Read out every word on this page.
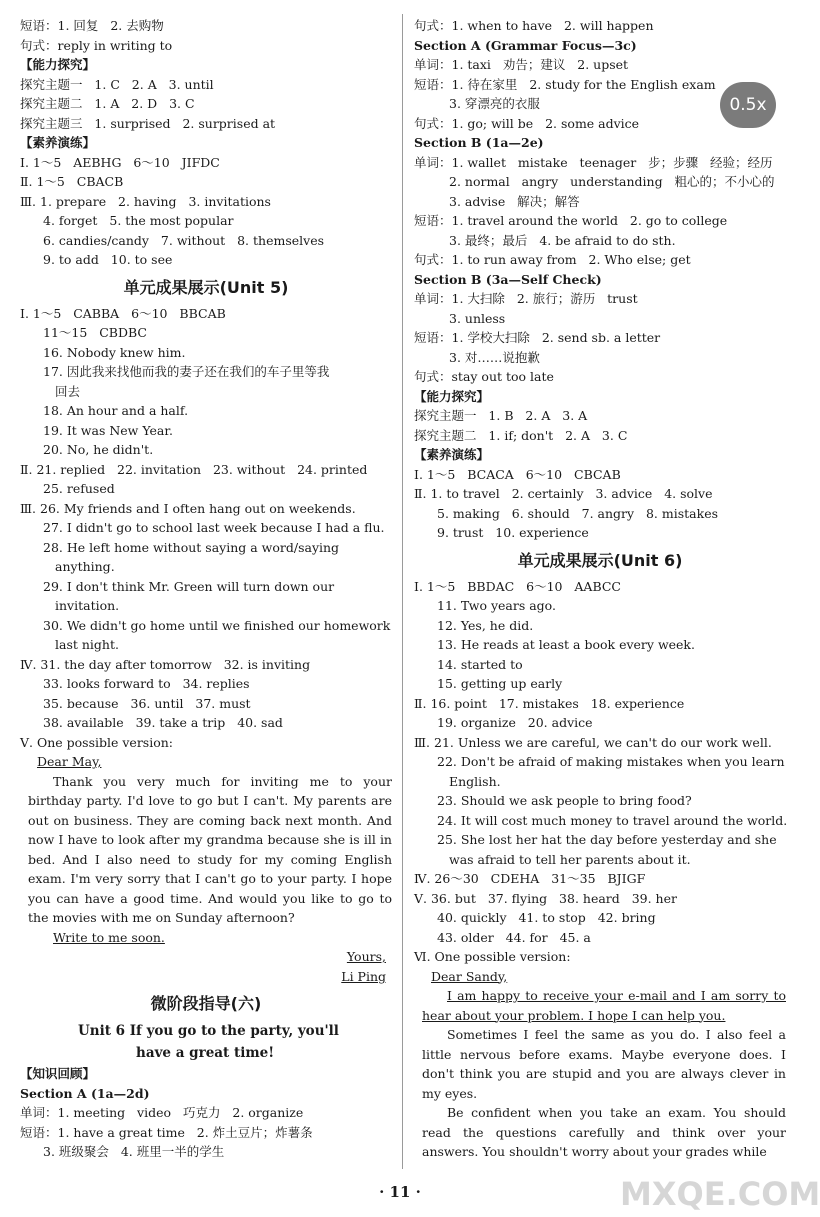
短语：1. 回复   2. 去购物
句式：reply in writing to
【能力探究】
探究主题一   1. C   2. A   3. until
探究主题二   1. A   2. D   3. C
探究主题三   1. surprised   2. surprised at
【素养演练】
Ⅰ. 1～5   AEBHG   6～10   JIFDC
Ⅱ. 1～5   CBACB
Ⅲ. 1. prepare   2. having   3. invitations
4. forget   5. the most popular
6. candies/candy   7. without   8. themselves
9. to add   10. to see
单元成果展示(Unit 5)
Ⅰ. 1～5   CABBA   6～10   BBCAB
11～15   CBDBC
16. Nobody knew him.
17. 因此我来找他而我的妻子还在我们的车子里等我
回去
18. An hour and a half.
19. It was New Year.
20. No, he didn't.
Ⅱ. 21. replied   22. invitation   23. without   24. printed
25. refused
Ⅲ. 26. My friends and I often hang out on weekends.
27. I didn't go to school last week because I had a flu.
28. He left home without saying a word/saying
anything.
29. I don't think Mr. Green will turn down our
invitation.
30. We didn't go home until we finished our homework
last night.
Ⅳ. 31. the day after tomorrow   32. is inviting
33. looks forward to   34. replies
35. because   36. until   37. must
38. available   39. take a trip   40. sad
Ⅴ. One possible version:
Dear May,
Thank you very much for inviting me to your birthday party. I'd love to go but I can't. My parents are out on business. They are coming back next month. And now I have to look after my grandma because she is ill in bed. And I also need to study for my coming English exam. I'm very sorry that I can't go to your party. I hope you can have a good time. And would you like to go to the movies with me on Sunday afternoon?
Write to me soon.
Yours,
Li Ping
微阶段指导(六)
Unit 6 If you go to the party, you'll
have a great time!
【知识回顾】
Section A (1a—2d)
单词：1. meeting   video   巧克力   2. organize
短语：1. have a great time   2. 炸土豆片；炸薯条
3. 班级聚会   4. 班里一半的学生
句式：1. when to have   2. will happen
Section A (Grammar Focus—3c)
单词：1. taxi   劝告；建议   2. upset
短语：1. 待在家里   2. study for the English exam
3. 穿漂亮的衣服
句式：1. go; will be   2. some advice
Section B (1a—2e)
单词：1. wallet   mistake   teenager   步；步骤   经验；经历
2. normal   angry   understanding   粗心的；不小心的
3. advise   解决；解答
短语：1. travel around the world   2. go to college
3. 最终；最后   4. be afraid to do sth.
句式：1. to run away from   2. Who else; get
Section B (3a—Self Check)
单词：1. 大扫除   2. 旅行；游历   trust
3. unless
短语：1. 学校大扫除   2. send sb. a letter
3. 对……说抱歉
句式：stay out too late
【能力探究】
探究主题一   1. B   2. A   3. A
探究主题二   1. if; don't   2. A   3. C
【素养演练】
Ⅰ. 1～5   BCACA   6～10   CBCAB
Ⅱ. 1. to travel   2. certainly   3. advice   4. solve
5. making   6. should   7. angry   8. mistakes
9. trust   10. experience
单元成果展示(Unit 6)
Ⅰ. 1～5   BBDAC   6～10   AABCC
11. Two years ago.
12. Yes, he did.
13. He reads at least a book every week.
14. started to
15. getting up early
Ⅱ. 16. point   17. mistakes   18. experience
19. organize   20. advice
Ⅲ. 21. Unless we are careful, we can't do our work well.
22. Don't be afraid of making mistakes when you learn
English.
23. Should we ask people to bring food?
24. It will cost much money to travel around the world.
25. She lost her hat the day before yesterday and she
was afraid to tell her parents about it.
Ⅳ. 26～30   CDEHA   31～35   BJIGF
Ⅴ. 36. but   37. flying   38. heard   39. her
40. quickly   41. to stop   42. bring
43. older   44. for   45. a
Ⅵ. One possible version:
Dear Sandy,
I am happy to receive your e-mail and I am sorry to hear about your problem. I hope I can help you.
Sometimes I feel the same as you do. I also feel a little nervous before exams. Maybe everyone does. I don't think you are stupid and you are always clever in my eyes.
Be confident when you take an exam. You should read the questions carefully and think over your answers. You shouldn't worry about your grades while
0.5x
· 11 ·	MXQE.COM
